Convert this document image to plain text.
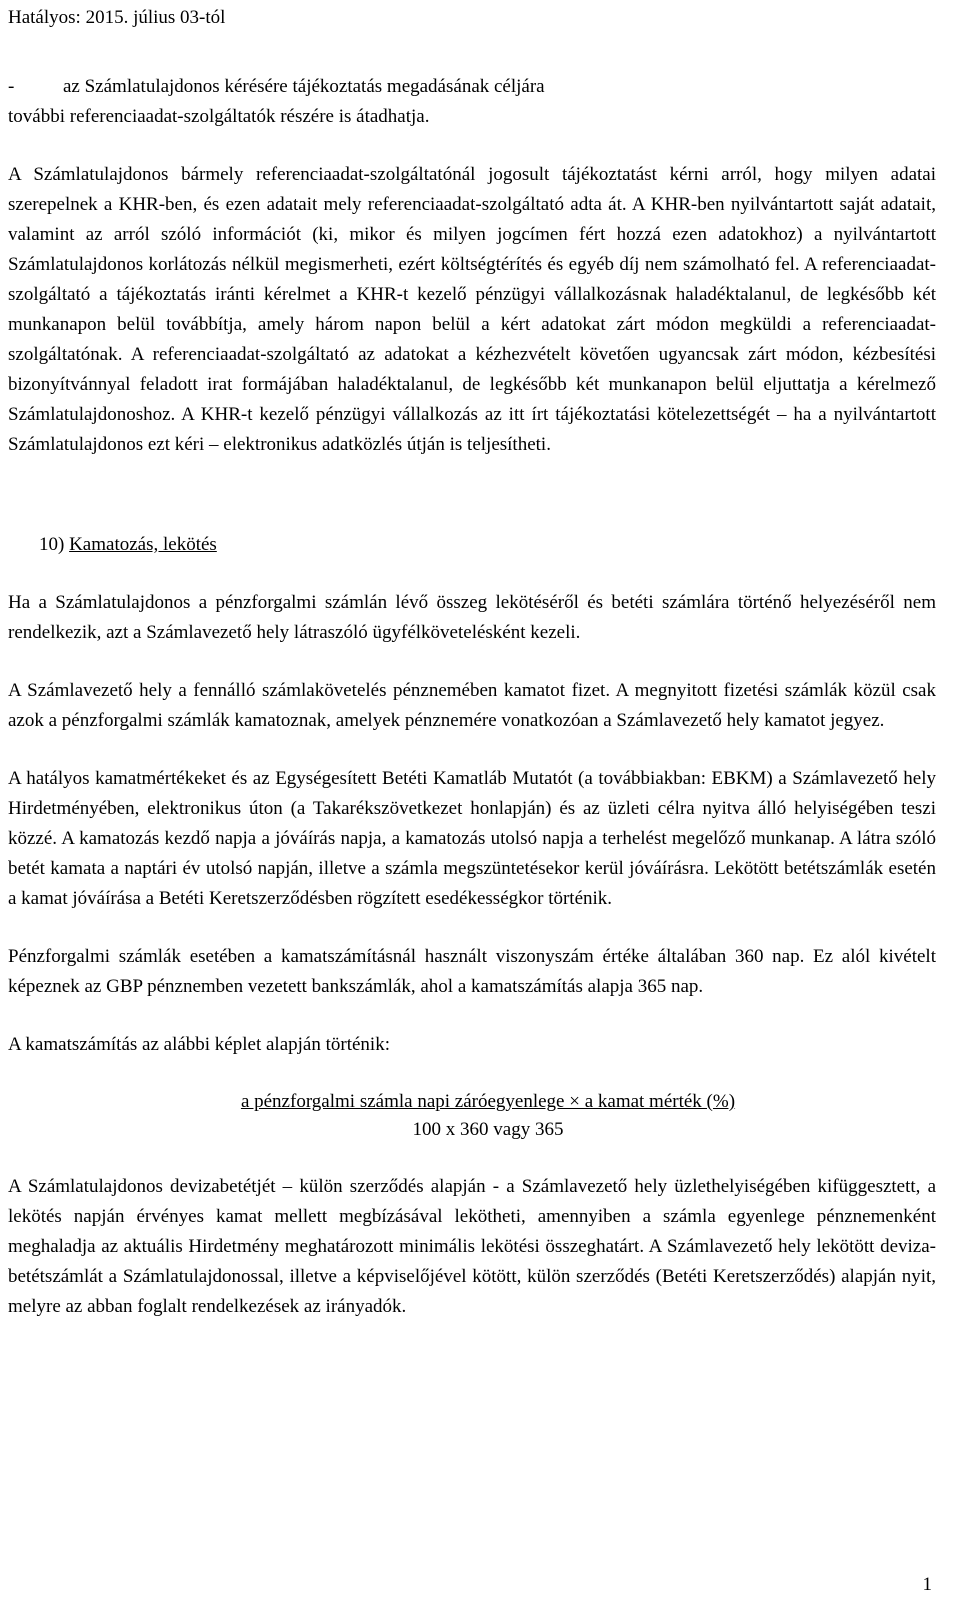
Hatályos: 2015. július 03-tól
-	az Számlatulajdonos kérésére tájékoztatás megadásának céljára
további referenciaadat-szolgáltatók részére is átadhatja.

A Számlatulajdonos bármely referenciaadat-szolgáltatónál jogosult tájékoztatást kérni arról, hogy milyen adatai szerepelnek a KHR-ben, és ezen adatait mely referenciaadat-szolgáltató adta át. A KHR-ben nyilvántartott saját adatait, valamint az arról szóló információt (ki, mikor és milyen jogcímen fért hozzá ezen adatokhoz) a nyilvántartott Számlatulajdonos korlátozás nélkül megismerheti, ezért költségtérítés és egyéb díj nem számolható fel. A referenciaadat-szolgáltató a tájékoztatás iránti kérelmet a KHR-t kezelő pénzügyi vállalkozásnak haladéktalanul, de legkésőbb két munkanapon belül továbbítja, amely három napon belül a kért adatokat zárt módon megküldi a referenciaadat-szolgáltatónak. A referenciaadat-szolgáltató az adatokat a kézhezvételt követően ugyancsak zárt módon, kézbesítési bizonyítvánnyal feladott irat formájában haladéktalanul, de legkésőbb két munkanapon belül eljuttatja a kérelmező Számlatulajdonoshoz. A KHR-t kezelő pénzügyi vállalkozás az itt írt tájékoztatási kötelezettségét – ha a nyilvántartott Számlatulajdonos ezt kéri – elektronikus adatközlés útján is teljesítheti.

10) Kamatozás, lekötés

Ha a Számlatulajdonos a pénzforgalmi számlán lévő összeg lekötéséről és betéti számlára történő helyezéséről nem rendelkezik, azt a Számlavezető hely látraszóló ügyfélkövetelésként kezeli.

A Számlavezető hely a fennálló számlakövetelés pénznemében kamatot fizet. A megnyitott fizetési számlák közül csak azok a pénzforgalmi számlák kamatoznak, amelyek pénznemére vonatkozóan a Számlavezető hely kamatot jegyez.

A hatályos kamatmértékeket és az Egységesített Betéti Kamatláb Mutatót (a továbbiakban: EBKM) a Számlavezető hely Hirdetményében, elektronikus úton (a Takarékszövetkezet honlapján) és az üzleti célra nyitva álló helyiségében teszi közzé. A kamatozás kezdő napja a jóváírás napja, a kamatozás utolsó napja a terhelést megelőző munkanap. A látra szóló betét kamata a naptári év utolsó napján, illetve a számla megszüntetésekor kerül jóváírásra. Lekötött betétszámlák esetén a kamat jóváírása a Betéti Keretszerződésben rögzített esedékességkor történik.

Pénzforgalmi számlák esetében a kamatszámításnál használt viszonyszám értéke általában 360 nap. Ez alól kivételt képeznek az GBP pénznemben vezetett bankszámlák, ahol a kamatszámítás alapja 365 nap.

A kamatszámítás az alábbi képlet alapján történik:

a pénzforgalmi számla napi záróegyenlege × a kamat mérték (%)
100 x 360 vagy 365

A Számlatulajdonos devizabetétjét – külön szerződés alapján - a Számlavezető hely üzlethelyiségében kifüggesztett, a lekötés napján érvényes kamat mellett megbízásával lekötheti, amennyiben a számla egyenlege pénznemenként meghaladja az aktuális Hirdetmény meghatározott minimális lekötési összeghatárt. A Számlavezető hely lekötött deviza-betétszámlát a Számlatulajdonossal, illetve a képviselőjével kötött, külön szerződés (Betéti Keretszerződés) alapján nyit, melyre az abban foglalt rendelkezések az irányadók.

1
